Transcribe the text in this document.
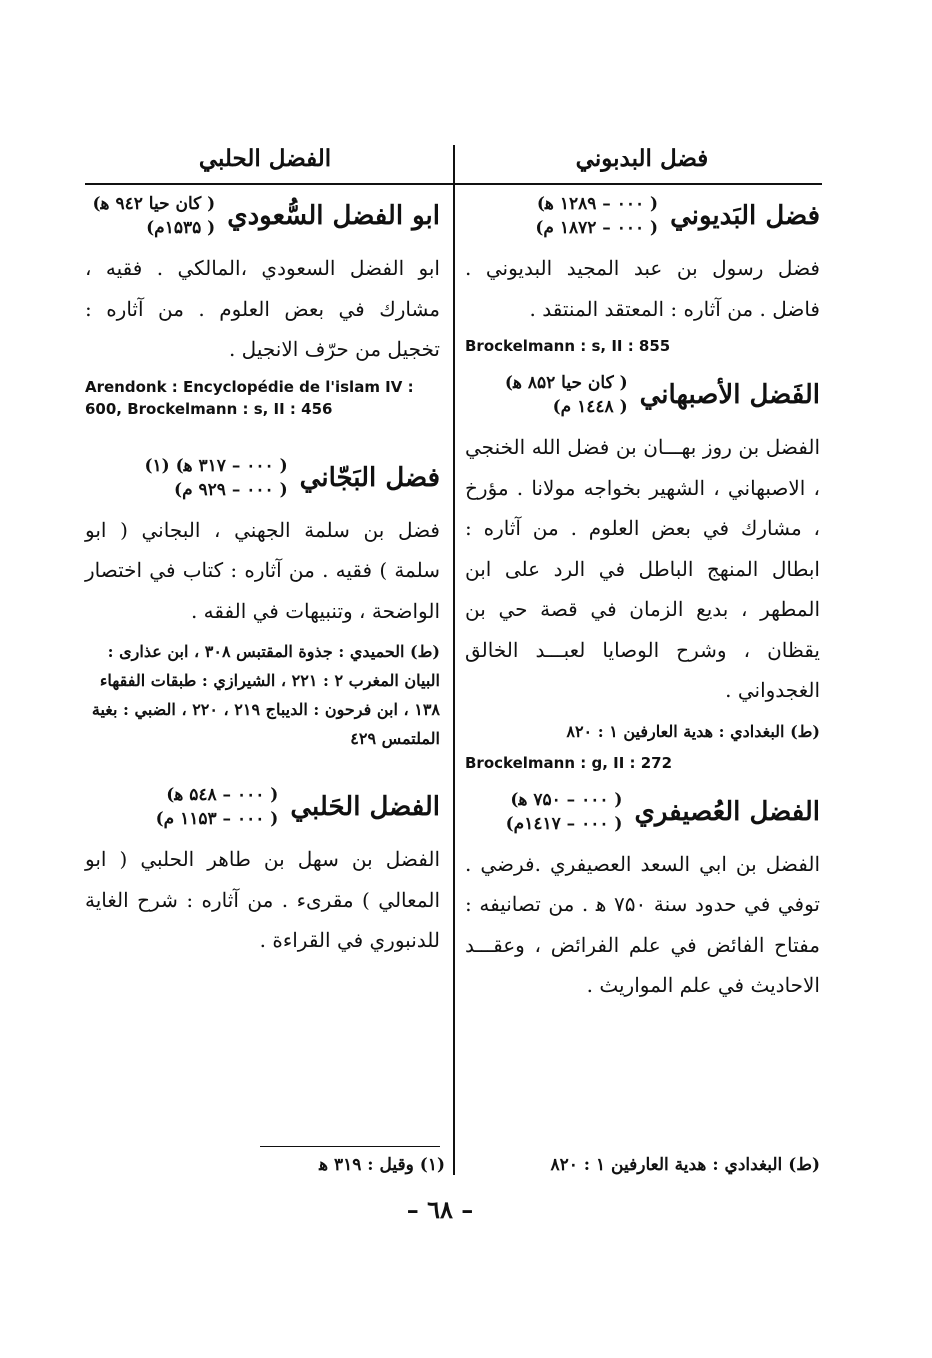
فضل البدبوني
الفضل الحلبي
فضل البَديوني
( ۰۰۰ – ۱۲۸۹ ﻫ)
( ۰۰۰ – ۱۸۷۲ م)
فضل رسول بن عبد المجيد البديوني . فاضل . من آثاره : المعتقد المنتقد .
Brockelmann : s, II : 855
الفَضل الأصبهاني
( كان حيا ۸۵۲ ﻫ)
( ۱٤٤۸ م)
الفضل بن روز بهـــان بن فضل الله الخنجي ، الاصبهاني ، الشهير بخواجه مولانا . مؤرخ ، مشارك في بعض العلوم . من آثاره : ابطال المنهج الباطل في الرد على ابن المطهر ، بديع الزمان في قصة حي بن يقظان ، وشرح الوصايا لعبـــد الخالق الغجدواني .
(ط) البغدادي : هدية العارفين ۱ : ۸۲۰
Brockelmann : g, II : 272
الفضل العُصيفري
( ۰۰۰ – ۷۵۰ ﻫ)
( ۰۰۰ – ۱٤۱۷م)
الفضل بن ابي السعد العصيفري .فرضي . توفي في حدود سنة ۷۵۰ ﻫ . من تصانيفه : مفتاح الفائض في علم الفرائض ، وعقـــد الاحاديث في علم المواريث .
ابو الفضل السُّعودي
( كان حيا ۹٤۲ ﻫ)
( ۱۵۳۵م)
ابو الفضل السعودي ،المالكي . فقيه ، مشارك في بعض العلوم . من آثاره : تخجيل من حرّف الانجيل .
Arendonk : Encyclopédie de l'islam IV : 600, Brockelmann : s, II : 456
فضل البَجّاني
( ۰۰۰ – ۳۱۷ ﻫ) (۱)
( ۰۰۰ – ۹۲۹ م)
فضل بن سلمة الجهني ، البجاني ( ابو سلمة ) فقيه . من آثاره : كتاب في اختصار الواضحة ، وتنبيهات في الفقه .
(ط) الحميدي : جذوة المقتبس ۳۰۸ ، ابن عذارى : البيان المغرب ۲ : ۲۲۱ ، الشيرازي : طبقات الفقهاء ۱۳۸ ، ابن فرحون : الديباج ۲۱۹ ، ۲۲۰ ، الضبي : بغية الملتمس ٤۲۹
الفضل الحَلبي
( ۰۰۰ – ۵٤۸ ﻫ)
( ۰۰۰ – ۱۱۵۳ م)
الفضل بن سهل بن طاهر الحلبي ( ابو المعالي ) مقرىء . من آثاره : شرح الغاية للدنبوري في القراءة .
(۱) وقيل : ۳۱۹ ﻫ	(ط) البغدادي : هدية العارفين ۱ : ۸۲۰
– ٦٨ –
